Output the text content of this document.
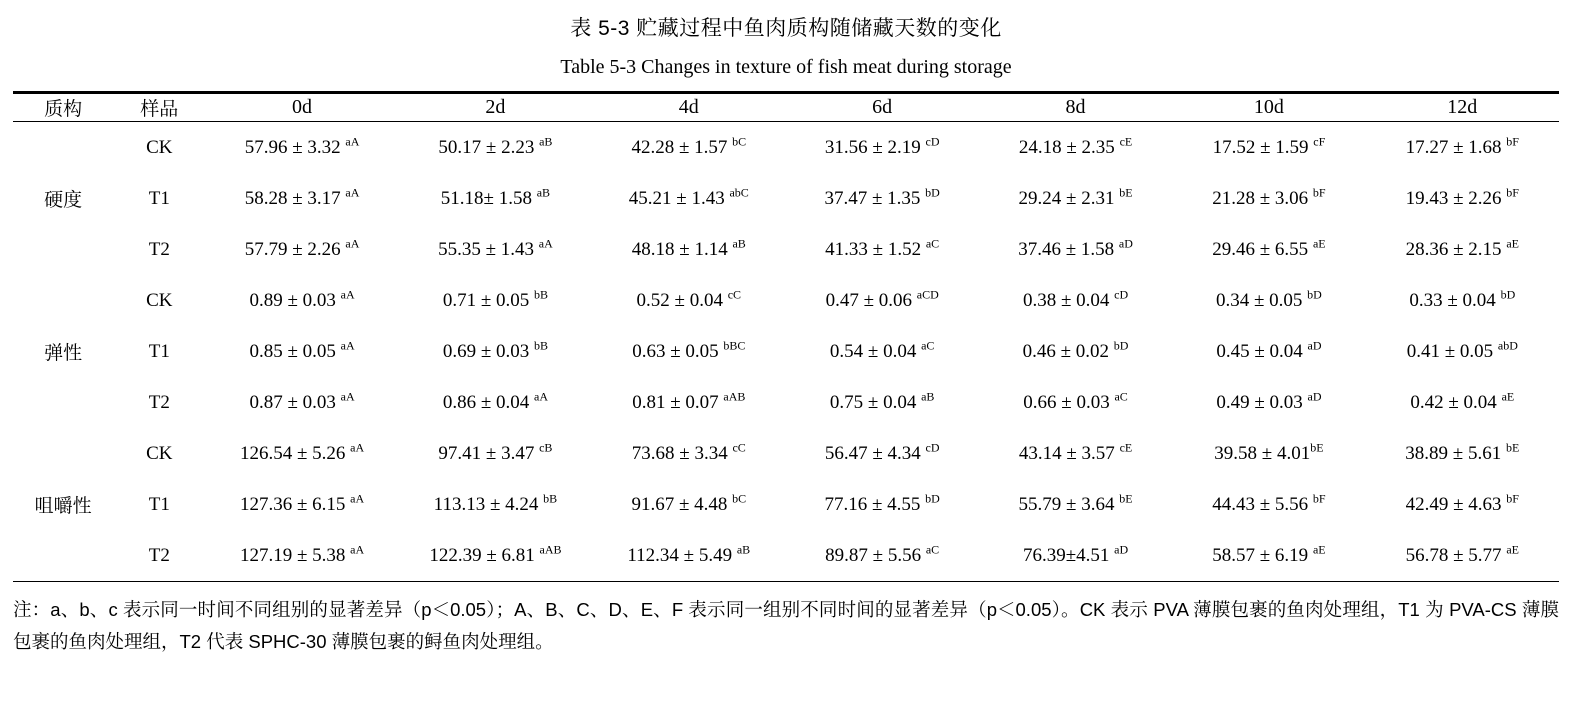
表 5-3 贮藏过程中鱼肉质构随储藏天数的变化
Table 5-3 Changes in texture of fish meat during storage

质构	样品	0d	2d	4d	6d	8d	10d	12d
硬度	CK	57.96 ± 3.32 $^{aA}$	50.17 ± 2.23 $^{aB}$	42.28 ± 1.57 $^{bC}$	31.56 ± 2.19 $^{cD}$	24.18 ± 2.35 $^{cE}$	17.52 ± 1.59 $^{cF}$	17.27 ± 1.68 $^{bF}$
	T1	58.28 ± 3.17 $^{aA}$	51.18± 1.58 $^{aB}$	45.21 ± 1.43 $^{abC}$	37.47 ± 1.35 $^{bD}$	29.24 ± 2.31 $^{bE}$	21.28 ± 3.06 $^{bF}$	19.43 ± 2.26 $^{bF}$
	T2	57.79 ± 2.26 $^{aA}$	55.35 ± 1.43 $^{aA}$	48.18 ± 1.14 $^{aB}$	41.33 ± 1.52 $^{aC}$	37.46 ± 1.58 $^{aD}$	29.46 ± 6.55 $^{aE}$	28.36 ± 2.15 $^{aE}$
弹性	CK	0.89 ± 0.03 $^{aA}$	0.71 ± 0.05 $^{bB}$	0.52 ± 0.04 $^{cC}$	0.47 ± 0.06 $^{aCD}$	0.38 ± 0.04 $^{cD}$	0.34 ± 0.05 $^{bD}$	0.33 ± 0.04 $^{bD}$
	T1	0.85 ± 0.05 $^{aA}$	0.69 ± 0.03 $^{bB}$	0.63 ± 0.05 $^{bBC}$	0.54 ± 0.04 $^{aC}$	0.46 ± 0.02 $^{bD}$	0.45 ± 0.04 $^{aD}$	0.41 ± 0.05 $^{abD}$
	T2	0.87 ± 0.03 $^{aA}$	0.86 ± 0.04 $^{aA}$	0.81 ± 0.07 $^{aAB}$	0.75 ± 0.04 $^{aB}$	0.66 ± 0.03 $^{aC}$	0.49 ± 0.03 $^{aD}$	0.42 ± 0.04 $^{aE}$
咀嚼性	CK	126.54 ± 5.26 $^{aA}$	97.41 ± 3.47 $^{cB}$	73.68 ± 3.34 $^{cC}$	56.47 ± 4.34 $^{cD}$	43.14 ± 3.57 $^{cE}$	$39.58 \pm 4.01^{bE}$	38.89 ± 5.61 $^{bE}$
	T1	127.36 ± 6.15 $^{aA}$	113.13 ± 4.24 $^{bB}$	91.67 ± 4.48 $^{bC}$	77.16 ± 4.55 $^{bD}$	55.79 ± 3.64 $^{bE}$	44.43 ± 5.56 $^{bF}$	42.49 ± 4.63 $^{bF}$
	T2	127.19 ± 5.38 $^{aA}$	122.39 ± 6.81 $^{aAB}$	112.34 ± 5.49 $^{aB}$	89.87 ± 5.56 $^{aC}$	76.39±4.51 $^{aD}$	58.57 ± 6.19 $^{aE}$	56.78 ± 5.77 $^{aE}$

注：a、b、c 表示同一时间不同组别的显著差异（p＜0.05）；A、B、C、D、E、F 表示同一组别不同时间的显著差异（p＜0.05）。CK 表示 PVA 薄膜包裹的鱼肉处理组，T1 为 PVA-CS 薄膜包裹的鱼肉处理组，T2 代表 SPHC-30 薄膜包裹的鲟鱼肉处理组。
